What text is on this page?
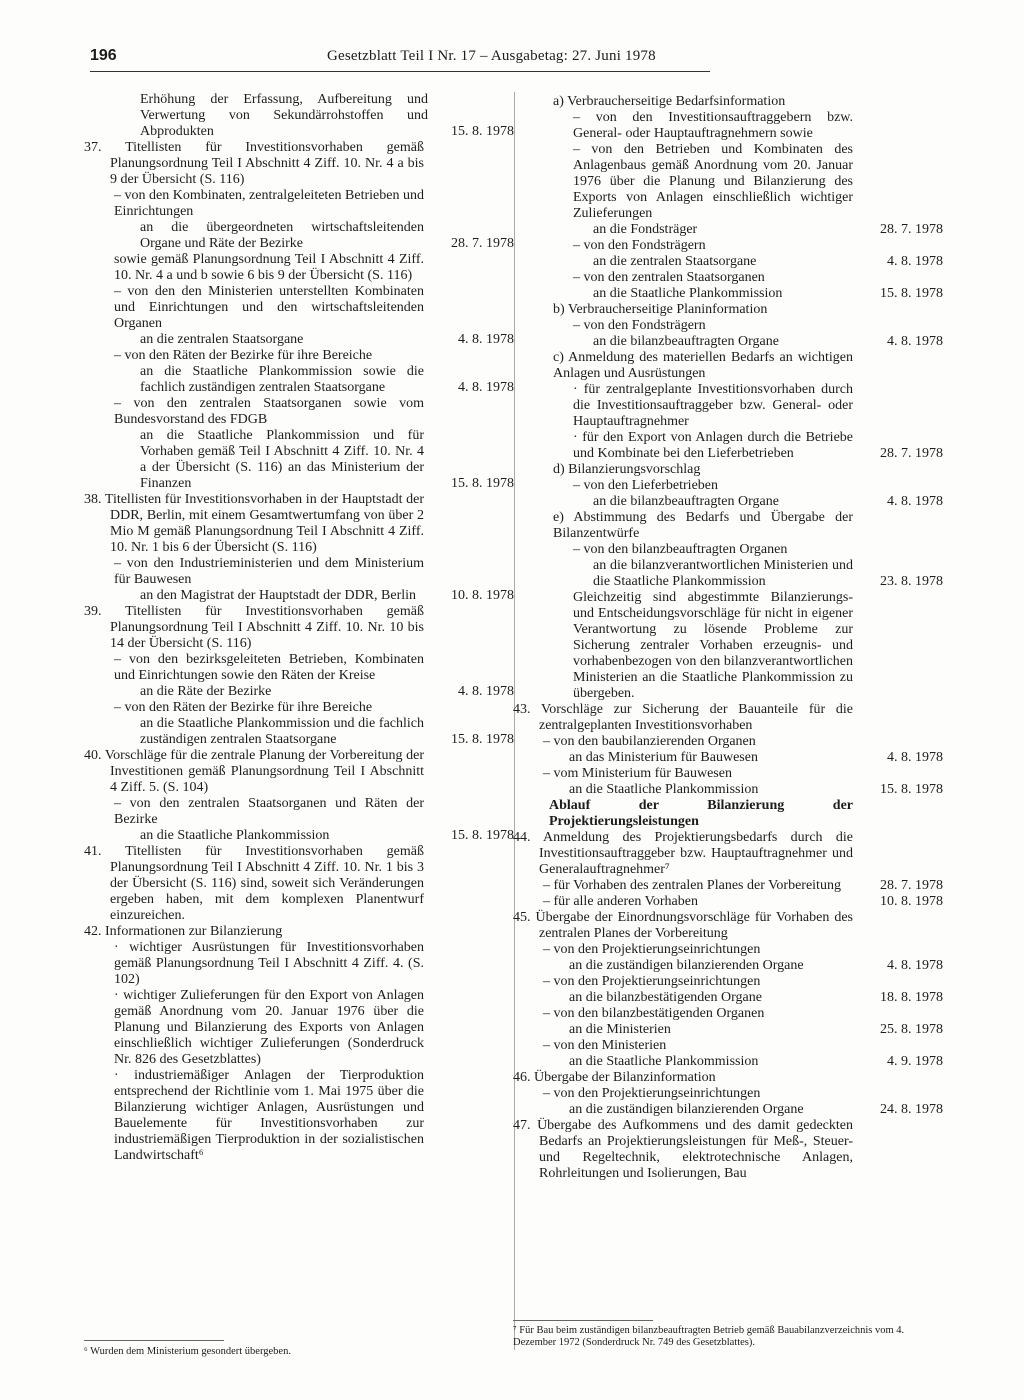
196	Gesetzblatt Teil I Nr. 17 – Ausgabetag: 27. Juni 1978

Erhöhung der Erfassung, Aufbereitung und Verwertung von Sekundärrohstoffen und Abprodukten	15. 8. 1978

37. Titellisten für Investitionsvorhaben gemäß Planungsordnung Teil I Abschnitt 4 Ziff. 10. Nr. 4 a bis 9 der Übersicht (S. 116)

– von den Kombinaten, zentralgeleiteten Betrieben und Einrichtungen

an die übergeordneten wirtschaftsleitenden Organe und Räte der Bezirke	28. 7. 1978

sowie gemäß Planungsordnung Teil I Abschnitt 4 Ziff. 10. Nr. 4 a und b sowie 6 bis 9 der Übersicht (S. 116)

– von den den Ministerien unterstellten Kombinaten und Einrichtungen und den wirtschaftsleitenden Organen

an die zentralen Staatsorgane	4. 8. 1978

– von den Räten der Bezirke für ihre Bereiche

an die Staatliche Plankommission sowie die fachlich zuständigen zentralen Staatsorgane	4. 8. 1978

– von den zentralen Staatsorganen sowie vom Bundesvorstand des FDGB

an die Staatliche Plankommission und für Vorhaben gemäß Teil I Abschnitt 4 Ziff. 10. Nr. 4 a der Übersicht (S. 116) an das Ministerium der Finanzen	15. 8. 1978

38. Titellisten für Investitionsvorhaben in der Hauptstadt der DDR, Berlin, mit einem Gesamtwertumfang von über 2 Mio M gemäß Planungsordnung Teil I Abschnitt 4 Ziff. 10. Nr. 1 bis 6 der Übersicht (S. 116)

– von den Industrieministerien und dem Ministerium für Bauwesen

an den Magistrat der Hauptstadt der DDR, Berlin	10. 8. 1978

39. Titellisten für Investitionsvorhaben gemäß Planungsordnung Teil I Abschnitt 4 Ziff. 10. Nr. 10 bis 14 der Übersicht (S. 116)

– von den bezirksgeleiteten Betrieben, Kombinaten und Einrichtungen sowie den Räten der Kreise

an die Räte der Bezirke	4. 8. 1978

– von den Räten der Bezirke für ihre Bereiche

an die Staatliche Plankommission und die fachlich zuständigen zentralen Staatsorgane	15. 8. 1978

40. Vorschläge für die zentrale Planung der Vorbereitung der Investitionen gemäß Planungsordnung Teil I Abschnitt 4 Ziff. 5. (S. 104)

– von den zentralen Staatsorganen und Räten der Bezirke

an die Staatliche Plankommission	15. 8. 1978

41. Titellisten für Investitionsvorhaben gemäß Planungsordnung Teil I Abschnitt 4 Ziff. 10. Nr. 1 bis 3 der Übersicht (S. 116) sind, soweit sich Veränderungen ergeben haben, mit dem komplexen Planentwurf einzureichen.

42. Informationen zur Bilanzierung

· wichtiger Ausrüstungen für Investitionsvorhaben gemäß Planungsordnung Teil I Abschnitt 4 Ziff. 4. (S. 102)

· wichtiger Zulieferungen für den Export von Anlagen gemäß Anordnung vom 20. Januar 1976 über die Planung und Bilanzierung des Exports von Anlagen einschließlich wichtiger Zulieferungen (Sonderdruck Nr. 826 des Gesetzblattes)

· industriemäßiger Anlagen der Tierproduktion entsprechend der Richtlinie vom 1. Mai 1975 über die Bilanzierung wichtiger Anlagen, Ausrüstungen und Bauelemente für Investitionsvorhaben zur industriemäßigen Tierproduktion in der sozialistischen Landwirtschaft⁶

a) Verbraucherseitige Bedarfsinformation

– von den Investitionsauftraggebern bzw. General- oder Hauptauftragnehmern sowie

– von den Betrieben und Kombinaten des Anlagenbaus gemäß Anordnung vom 20. Januar 1976 über die Planung und Bilanzierung des Exports von Anlagen einschließlich wichtiger Zulieferungen

an die Fondsträger	28. 7. 1978

– von den Fondsträgern

an die zentralen Staatsorgane	4. 8. 1978

– von den zentralen Staatsorganen

an die Staatliche Plankommission	15. 8. 1978

b) Verbraucherseitige Planinformation

– von den Fondsträgern

an die bilanzbeauftragten Organe	4. 8. 1978

c) Anmeldung des materiellen Bedarfs an wichtigen Anlagen und Ausrüstungen

· für zentralgeplante Investitionsvorhaben durch die Investitionsauftraggeber bzw. General- oder Hauptauftragnehmer

· für den Export von Anlagen durch die Betriebe und Kombinate bei den Lieferbetrieben	28. 7. 1978

d) Bilanzierungsvorschlag

– von den Lieferbetrieben

an die bilanzbeauftragten Organe	4. 8. 1978

e) Abstimmung des Bedarfs und Übergabe der Bilanzentwürfe

– von den bilanzbeauftragten Organen

an die bilanzverantwortlichen Ministerien und die Staatliche Plankommission	23. 8. 1978

Gleichzeitig sind abgestimmte Bilanzierungs- und Entscheidungsvorschläge für nicht in eigener Verantwortung zu lösende Probleme zur Sicherung zentraler Vorhaben erzeugnis- und vorhabenbezogen von den bilanzverantwortlichen Ministerien an die Staatliche Plankommission zu übergeben.

43. Vorschläge zur Sicherung der Bauanteile für die zentralgeplanten Investitionsvorhaben

– von den baubilanzierenden Organen

an das Ministerium für Bauwesen	4. 8. 1978

– vom Ministerium für Bauwesen

an die Staatliche Plankommission	15. 8. 1978

Ablauf der Bilanzierung der Projektierungsleistungen

44. Anmeldung des Projektierungsbedarfs durch die Investitionsauftraggeber bzw. Hauptauftragnehmer und Generalauftragnehmer⁷

– für Vorhaben des zentralen Planes der Vorbereitung	28. 7. 1978

– für alle anderen Vorhaben	10. 8. 1978

45. Übergabe der Einordnungsvorschläge für Vorhaben des zentralen Planes der Vorbereitung

– von den Projektierungseinrichtungen

an die zuständigen bilanzierenden Organe	4. 8. 1978

– von den Projektierungseinrichtungen

an die bilanzbestätigenden Organe	18. 8. 1978

– von den bilanzbestätigenden Organen

an die Ministerien	25. 8. 1978

– von den Ministerien

an die Staatliche Plankommission	4. 9. 1978

46. Übergabe der Bilanzinformation

– von den Projektierungseinrichtungen

an die zuständigen bilanzierenden Organe	24. 8. 1978

47. Übergabe des Aufkommens und des damit gedeckten Bedarfs an Projektierungsleistungen für Meß-, Steuer- und Regeltechnik, elektrotechnische Anlagen, Rohrleitungen und Isolierungen, Bau

⁶ Wurden dem Ministerium gesondert übergeben.
⁷ Für Bau beim zuständigen bilanzbeauftragten Betrieb gemäß Bauabilanzverzeichnis vom 4. Dezember 1972 (Sonderdruck Nr. 749 des Gesetzblattes).
